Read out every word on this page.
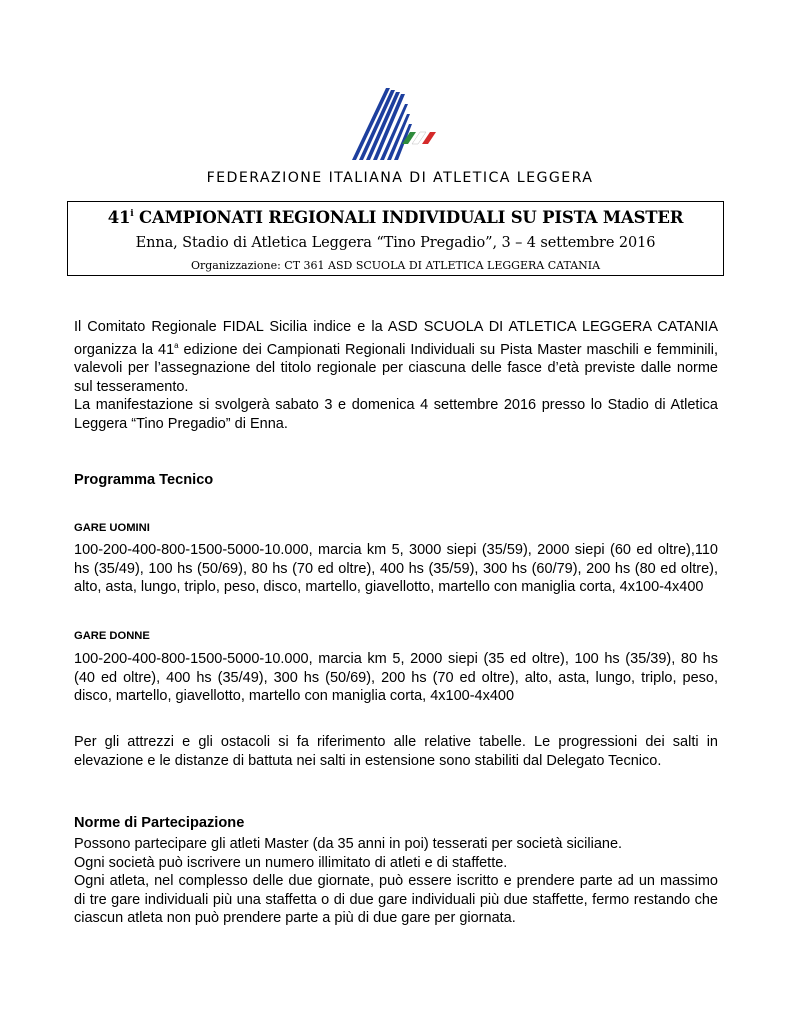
FEDERAZIONE ITALIANA DI ATLETICA LEGGERA
41$^i$ CAMPIONATI REGIONALI INDIVIDUALI SU PISTA MASTER
Enna, Stadio di Atletica Leggera “Tino Pregadio”, 3 – 4 settembre 2016
Organizzazione: CT 361 ASD SCUOLA DI ATLETICA LEGGERA CATANIA

Il Comitato Regionale FIDAL Sicilia indice e la ASD SCUOLA DI ATLETICA LEGGERA CATANIA organizza la 41$^a$ edizione dei Campionati Regionali Individuali su Pista Master maschili e femminili, valevoli per l’assegnazione del titolo regionale per ciascuna delle fasce d’età previste dalle norme sul tesseramento.

La manifestazione si svolgerà sabato 3 e domenica 4 settembre 2016 presso lo Stadio di Atletica Leggera “Tino Pregadio” di Enna.

Programma Tecnico

GARE UOMINI

100-200-400-800-1500-5000-10.000, marcia km 5, 3000 siepi (35/59), 2000 siepi (60 ed oltre),110 hs (35/49), 100 hs (50/69), 80 hs (70 ed oltre), 400 hs (35/59), 300 hs (60/79), 200 hs (80 ed oltre), alto, asta, lungo, triplo, peso, disco, martello, giavellotto, martello con maniglia corta, 4x100-4x400

GARE DONNE

100-200-400-800-1500-5000-10.000, marcia km 5, 2000 siepi (35 ed oltre), 100 hs (35/39), 80 hs (40 ed oltre), 400 hs (35/49), 300 hs (50/69), 200 hs (70 ed oltre), alto, asta, lungo, triplo, peso, disco, martello, giavellotto, martello con maniglia corta, 4x100-4x400

Per gli attrezzi e gli ostacoli si fa riferimento alle relative tabelle. Le progressioni dei salti in elevazione e le distanze di battuta nei salti in estensione sono stabiliti dal Delegato Tecnico.

Norme di Partecipazione

Possono partecipare gli atleti Master (da 35 anni in poi) tesserati per società siciliane.

Ogni società può iscrivere un numero illimitato di atleti e di staffette.

Ogni atleta, nel complesso delle due giornate, può essere iscritto e prendere parte ad un massimo di tre gare individuali più una staffetta o di due gare individuali più due staffette, fermo restando che ciascun atleta non può prendere parte a più di due gare per giornata.
